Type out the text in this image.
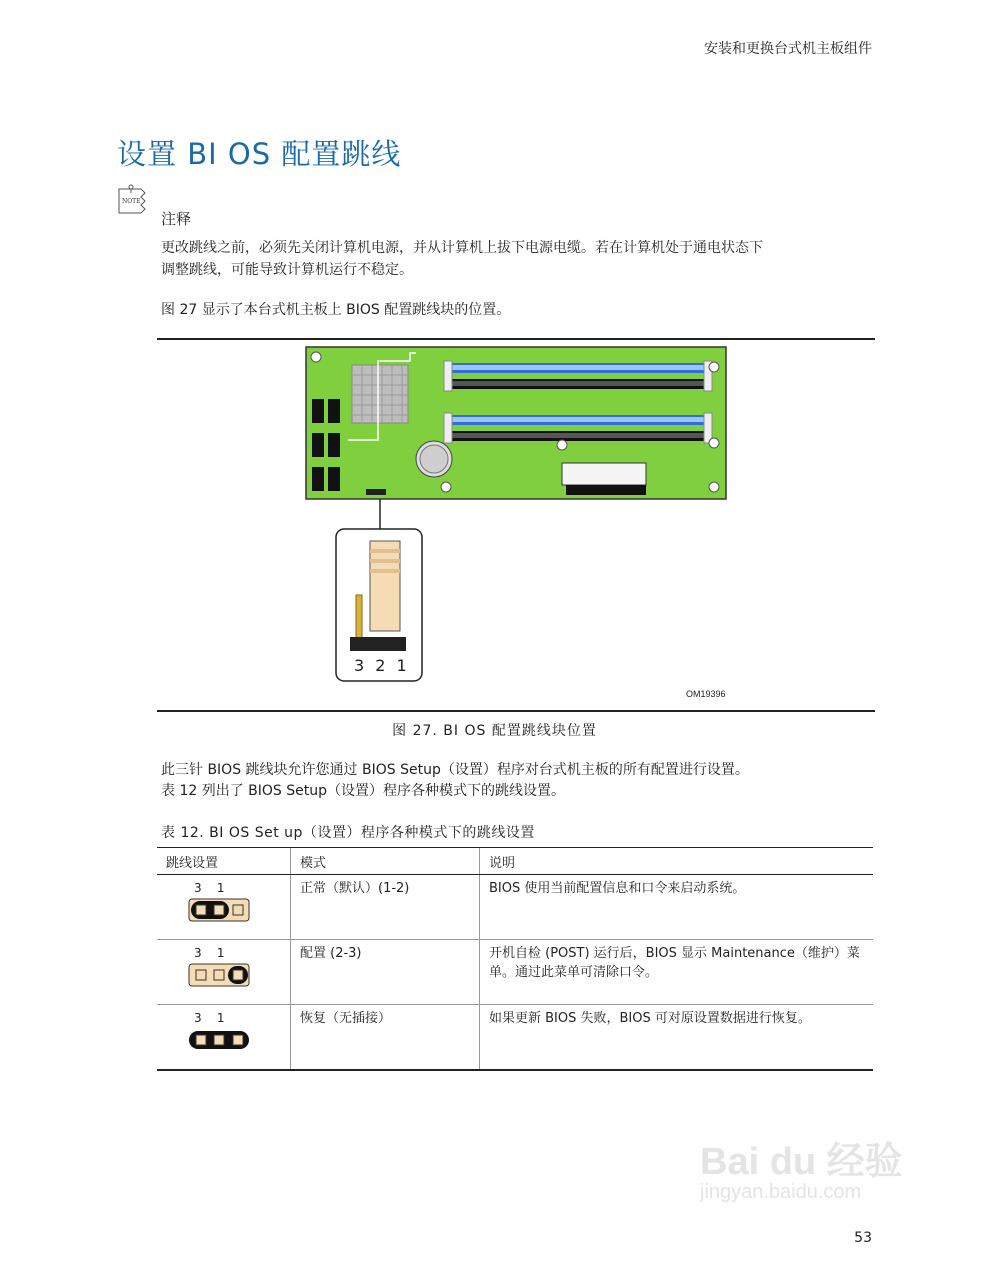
安装和更换台式机主板组件
设置 BI OS 配置跳线
NOTE
注释
更改跳线之前，必须先关闭计算机电源，并从计算机上拔下电源电缆。若在计算机处于通电状态下
调整跳线，可能导致计算机运行不稳定。
图 27 显示了本台式机主板上 BIOS 配置跳线块的位置。
3 2 1
OM19396
图 27. BI OS 配置跳线块位置
此三针 BIOS 跳线块允许您通过 BIOS Setup（设置）程序对台式机主板的所有配置进行设置。
表 12 列出了 BIOS Setup（设置）程序各种模式下的跳线设置。
表 12. BI OS Set up（设置）程序各种模式下的跳线设置
跳线设置	模式	说明

3    1	正常（默认）(1-2)	BIOS 使用当前配置信息和口令来启动系统。

3    1	配置 (2-3)	开机自检 (POST) 运行后，BIOS 显示 Maintenance（维护）菜单。通过此菜单可清除口令。

3    1	恢复（无插接）	如果更新 BIOS 失败，BIOS 可对原设置数据进行恢复。
Bai du 经验
jingyan.baidu.com
53
